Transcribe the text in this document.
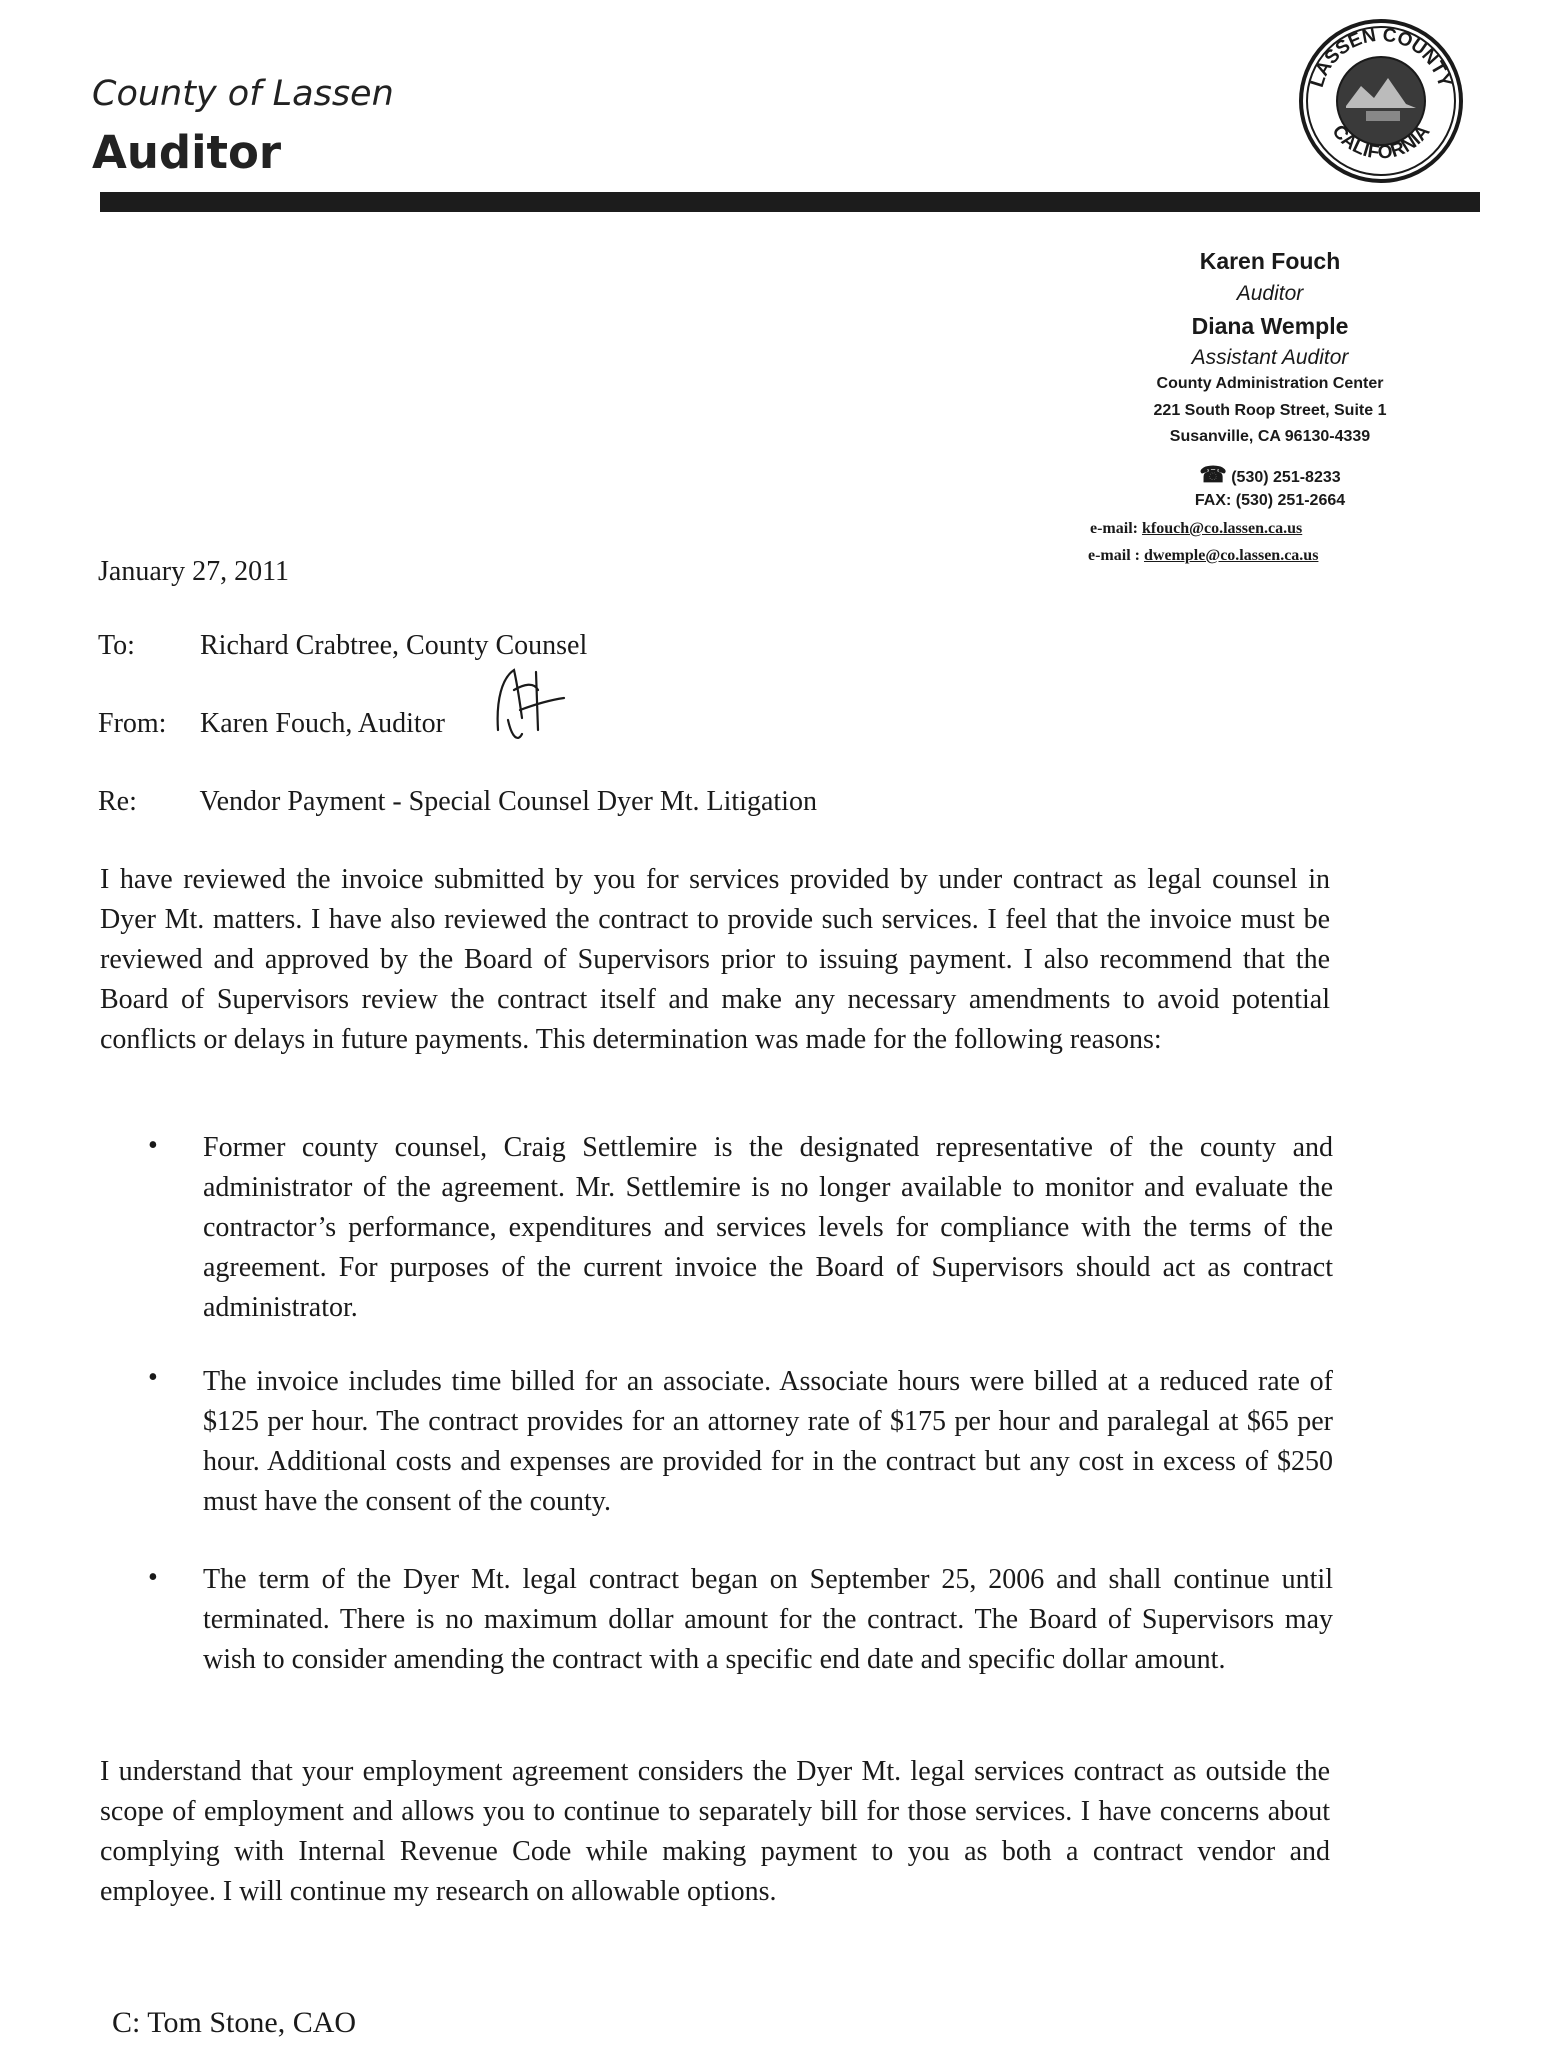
County of Lassen
Auditor
LASSEN COUNTY
CALIFORNIA
Karen Fouch
Auditor
Diana Wemple
Assistant Auditor
County Administration Center
221 South Roop Street, Suite 1
Susanville, CA 96130-4339
☎ (530) 251-8233
FAX: (530) 251-2664
e-mail: kfouch@co.lassen.ca.us
e-mail : dwemple@co.lassen.ca.us
January 27, 2011
To: Richard Crabtree, County Counsel
From: Karen Fouch, Auditor
Re: Vendor Payment - Special Counsel Dyer Mt. Litigation
I have reviewed the invoice submitted by you for services provided by under contract as legal counsel in Dyer Mt. matters. I have also reviewed the contract to provide such services. I feel that the invoice must be reviewed and approved by the Board of Supervisors prior to issuing payment. I also recommend that the Board of Supervisors review the contract itself and make any necessary amendments to avoid potential conflicts or delays in future payments. This determination was made for the following reasons:
• Former county counsel, Craig Settlemire is the designated representative of the county and administrator of the agreement. Mr. Settlemire is no longer available to monitor and evaluate the contractor’s performance, expenditures and services levels for compliance with the terms of the agreement. For purposes of the current invoice the Board of Supervisors should act as contract administrator.
• The invoice includes time billed for an associate. Associate hours were billed at a reduced rate of $125 per hour. The contract provides for an attorney rate of $175 per hour and paralegal at $65 per hour. Additional costs and expenses are provided for in the contract but any cost in excess of $250 must have the consent of the county.
• The term of the Dyer Mt. legal contract began on September 25, 2006 and shall continue until terminated. There is no maximum dollar amount for the contract. The Board of Supervisors may wish to consider amending the contract with a specific end date and specific dollar amount.
I understand that your employment agreement considers the Dyer Mt. legal services contract as outside the scope of employment and allows you to continue to separately bill for those services. I have concerns about complying with Internal Revenue Code while making payment to you as both a contract vendor and employee. I will continue my research on allowable options.
C: Tom Stone, CAO
